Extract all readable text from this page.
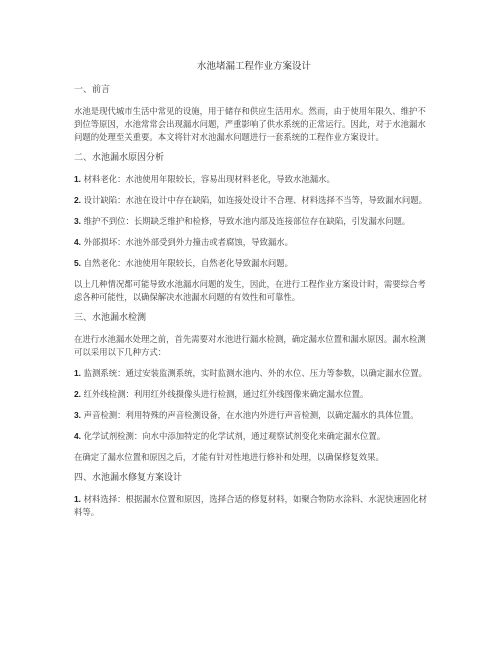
水池堵漏工程作业方案设计
一、前言
水池是现代城市生活中常见的设施，用于储存和供应生活用水。然而，由于使用年限久、维护不到位等原因，水池常常会出现漏水问题，严重影响了供水系统的正常运行。因此，对于水池漏水问题的处理至关重要。本文将针对水池漏水问题进行一套系统的工程作业方案设计。
二、水池漏水原因分析
1. 材料老化：水池使用年限较长，容易出现材料老化，导致水池漏水。
2. 设计缺陷：水池在设计中存在缺陷，如连接处设计不合理、材料选择不当等，导致漏水问题。
3. 维护不到位：长期缺乏维护和检修，导致水池内部及连接部位存在缺陷，引发漏水问题。
4. 外部损坏：水池外部受到外力撞击或者腐蚀，导致漏水。
5. 自然老化：水池使用年限较长，自然老化导致漏水问题。
以上几种情况都可能导致水池漏水问题的发生，因此，在进行工程作业方案设计时，需要综合考虑各种可能性，以确保解决水池漏水问题的有效性和可靠性。
三、水池漏水检测
在进行水池漏水处理之前，首先需要对水池进行漏水检测，确定漏水位置和漏水原因。漏水检测可以采用以下几种方式：
1. 监测系统：通过安装监测系统，实时监测水池内、外的水位、压力等参数，以确定漏水位置。
2. 红外线检测：利用红外线摄像头进行检测，通过红外线图像来确定漏水位置。
3. 声音检测：利用特殊的声音检测设备，在水池内外进行声音检测，以确定漏水的具体位置。
4. 化学试剂检测：向水中添加特定的化学试剂，通过观察试剂变化来确定漏水位置。
在确定了漏水位置和原因之后，才能有针对性地进行修补和处理，以确保修复效果。
四、水池漏水修复方案设计
1. 材料选择：根据漏水位置和原因，选择合适的修复材料，如聚合物防水涂料、水泥快速固化材料等。
